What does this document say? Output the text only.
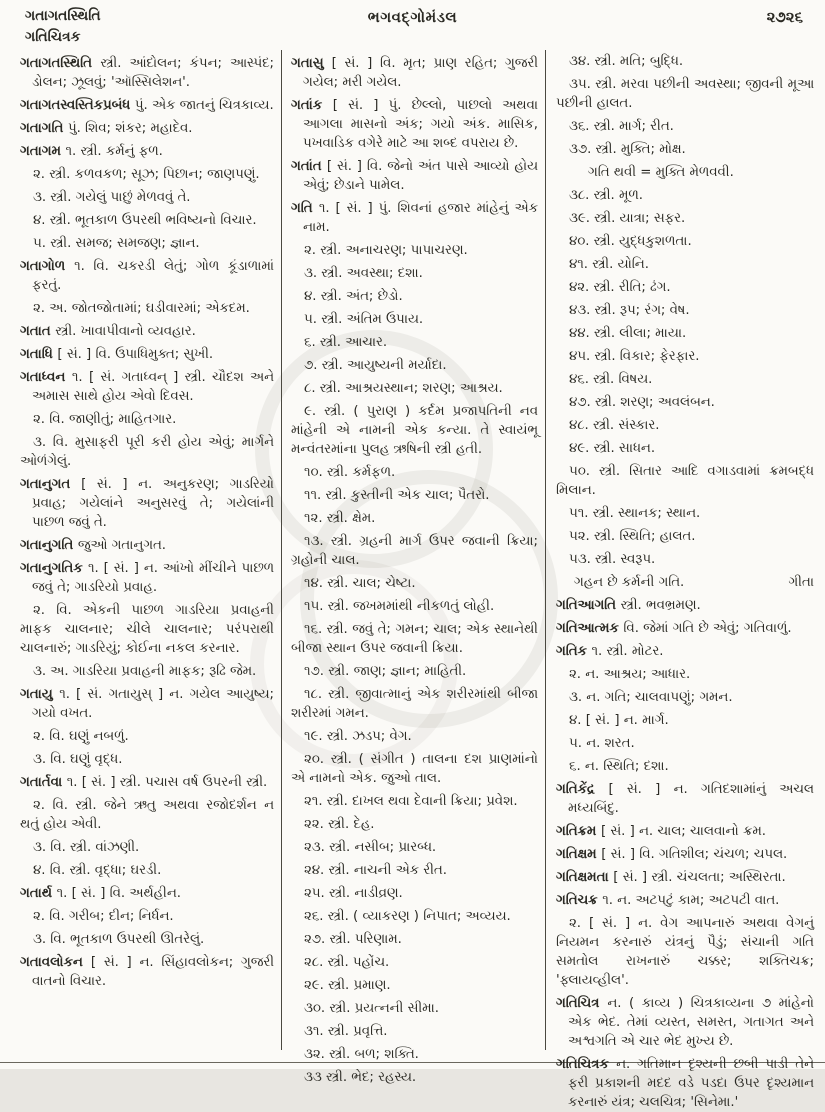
ગતાગતસ્થિતિ	ભગવદ્ગોમંડલ	૨૭૨૬
ગતિચિત્રક

ગતાગતસ્થિતિ સ્ત્રી. આંદોલન; કંપન; આસ્પંદ; ડોલન; ઝૂલવું; 'ઑસ્સિલેશન'.

ગતાગતસ્વસ્તિકપ્રબંધ પું. એક જાતનું ચિત્રકાવ્ય.

ગતાગતિ પું. શિવ; શંકર; મહાદેવ.

ગતાગમ ૧. સ્ત્રી. કર્મનું ફળ.

૨. સ્ત્રી. કળવકળ; સૂઝ; પિછાન; જાણપણું.

૩. સ્ત્રી. ગયેલું પાછું મેળવવું તે.

૪. સ્ત્રી. ભૂતકાળ ઉપરથી ભવિષ્યનો વિચાર.

૫. સ્ત્રી. સમજ; સમજણ; જ્ઞાન.

ગતાગોળ ૧. વિ. ચકરડી લેતું; ગોળ કૂંડાળામાં ફરતું.

૨. અ. જોતજોતામાં; ઘડીવારમાં; એકદમ.

ગતાત સ્ત્રી. ખાવાપીવાનો વ્યવહાર.

ગતાધિ [ સં. ] વિ. ઉપાધિમુક્ત; સુખી.

ગતાધ્વન ૧. [ સં. ગતાધ્વન્ ] સ્ત્રી. ચૌદશ અને અમાસ સાથે હોય એવો દિવસ.

૨. વિ. જાણીતું; માહિતગાર.

૩. વિ. મુસાફરી પૂરી કરી હોય એવું; માર્ગને ઓળંગેલું.

ગતાનુગત [ સં. ] ન. અનુકરણ; ગાડરિયો પ્રવાહ; ગયેલાંને અનુસરવું તે; ગયેલાંની પાછળ જવું તે.

ગતાનુગતિ જુઓ ગતાનુગત.

ગતાનુગતિક ૧. [ સં. ] ન. આંખો મીંચીને પાછળ જવું તે; ગાડરિયો પ્રવાહ.

૨. વિ. એકની પાછળ ગાડરિયા પ્રવાહની માફક ચાલનાર; ચીલે ચાલનાર; પરંપરાથી ચાલનારું; ગાડરિયું; કોઈના નકલ કરનાર.

૩. અ. ગાડરિયા પ્રવાહની માફક; રૂઢિ જેમ.

ગતાયુ ૧. [ સં. ગતાયુસ્ ] ન. ગયેલ આયુષ્ય; ગયો વખત.

૨. વિ. ઘણું નબળું.

૩. વિ. ઘણું વૃદ્ધ.

ગતાર્તવા ૧. [ સં. ] સ્ત્રી. પચાસ વર્ષ ઉપરની સ્ત્રી.

૨. વિ. સ્ત્રી. જેને ઋતુ અથવા રજોદર્શન ન થતું હોય એવી.

૩. વિ. સ્ત્રી. વાંઝણી.

૪. વિ. સ્ત્રી. વૃદ્ધા; ઘરડી.

ગતાર્થ ૧. [ સં. ] વિ. અર્થહીન.

૨. વિ. ગરીબ; દીન; નિર્ધન.

૩. વિ. ભૂતકાળ ઉપરથી ઊતરેલું.

ગતાવલોકન [ સં. ] ન. સિંહાવલોકન; ગુજરી વાતનો વિચાર.

ગતાસુ [ સં. ] વિ. મૃત; પ્રાણ રહિત; ગુજરી ગયેલ; મરી ગયેલ.

ગતાંક [ સં. ] પું. છેલ્લો, પાછલો અથવા આગલા માસનો અંક; ગયો અંક. માસિક, પખવાડિક વગેરે માટે આ શબ્દ વપરાય છે.

ગતાંત [ સં. ] વિ. જેનો અંત પાસે આવ્યો હોય એવું; છેડાને પામેલ.

ગતિ ૧. [ સં. ] પું. શિવનાં હજાર માંહેનું એક નામ.

૨. સ્ત્રી. અનાચરણ; પાપાચરણ.

૩. સ્ત્રી. અવસ્થા; દશા.

૪. સ્ત્રી. અંત; છેડો.

૫. સ્ત્રી. અંતિમ ઉપાય.

૬. સ્ત્રી. આચાર.

૭. સ્ત્રી. આયુષ્યની મર્યાદા.

૮. સ્ત્રી. આશ્રયસ્થાન; શરણ; આશ્રય.

૯. સ્ત્રી. ( પુરાણ ) કર્દમ પ્રજાપતિની નવ માંહેની એ નામની એક કન્યા. તે સ્વાયંભૂ મન્વંતરમાંના પુલહ ઋષિની સ્ત્રી હતી.

૧૦. સ્ત્રી. કર્મફળ.

૧૧. સ્ત્રી. કુસ્તીની એક ચાલ; પૈતરો.

૧૨. સ્ત્રી. ક્ષેમ.

૧૩. સ્ત્રી. ગ્રહની માર્ગ ઉપર જવાની ક્રિયા; ગ્રહોની ચાલ.

૧૪. સ્ત્રી. ચાલ; ચેષ્ટા.

૧૫. સ્ત્રી. જખમમાંથી નીકળતું લોહી.

૧૬. સ્ત્રી. જવું તે; ગમન; ચાલ; એક સ્થાનેથી બીજા સ્થાન ઉપર જવાની ક્રિયા.

૧૭. સ્ત્રી. જાણ; જ્ઞાન; માહિતી.

૧૮. સ્ત્રી. જીવાત્માનું એક શરીરમાંથી બીજા શરીરમાં ગમન.

૧૯. સ્ત્રી. ઝડપ; વેગ.

૨૦. સ્ત્રી. ( સંગીત ) તાલના દશ પ્રાણમાંનો એ નામનો એક. જુઓ તાલ.

૨૧. સ્ત્રી. દાખલ થવા દેવાની ક્રિયા; પ્રવેશ.

૨૨. સ્ત્રી. દેહ.

૨૩. સ્ત્રી. નસીબ; પ્રારબ્ધ.

૨૪. સ્ત્રી. નાચની એક રીત.

૨૫. સ્ત્રી. નાડીવ્રણ.

૨૬. સ્ત્રી. ( વ્યાકરણ ) નિપાત; અવ્યય.

૨૭. સ્ત્રી. પરિણામ.

૨૮. સ્ત્રી. પહોંચ.

૨૯. સ્ત્રી. પ્રમાણ.

૩૦. સ્ત્રી. પ્રયત્નની સીમા.

૩૧. સ્ત્રી. પ્રવૃત્તિ.

૩૨. સ્ત્રી. બળ; શક્તિ.

૩૩ સ્ત્રી. ભેદ; રહસ્ય.

૩૪. સ્ત્રી. મતિ; બુદ્ધિ.

૩૫. સ્ત્રી. મરવા પછીની અવસ્થા; જીવની મૂઆ પછીની હાલત.

૩૬. સ્ત્રી. માર્ગ; રીત.

૩૭. સ્ત્રી. મુક્તિ; મોક્ષ.

ગતિ થવી = મુક્તિ મેળવવી.

૩૮. સ્ત્રી. મૂળ.

૩૯. સ્ત્રી. યાત્રા; સફર.

૪૦. સ્ત્રી. યુદ્ધકુશળતા.

૪૧. સ્ત્રી. યોનિ.

૪૨. સ્ત્રી. રીતિ; ઢંગ.

૪૩. સ્ત્રી. રૂપ; રંગ; વેષ.

૪૪. સ્ત્રી. લીલા; માયા.

૪૫. સ્ત્રી. વિકાર; ફેરફાર.

૪૬. સ્ત્રી. વિષય.

૪૭. સ્ત્રી. શરણ; અવલંબન.

૪૮. સ્ત્રી. સંસ્કાર.

૪૯. સ્ત્રી. સાધન.

૫૦. સ્ત્રી. સિતાર આદિ વગાડવામાં ક્રમબદ્ધ મિલાન.

૫૧. સ્ત્રી. સ્થાનક; સ્થાન.

૫૨. સ્ત્રી. સ્થિતિ; હાલત.

૫૩. સ્ત્રી. સ્વરૂપ.

ગહન છે કર્મની ગતિ.	ગીતા

ગતિઆગતિ સ્ત્રી. ભવભ્રમણ.

ગતિઆત્મક વિ. જેમાં ગતિ છે એવું; ગતિવાળું.

ગતિક ૧. સ્ત્રી. મોટર.

૨. ન. આશ્રય; આધાર.

૩. ન. ગતિ; ચાલવાપણું; ગમન.

૪. [ સં. ] ન. માર્ગ.

૫. ન. શરત.

૬. ન. સ્થિતિ; દશા.

ગતિકેંદ્ર [ સં. ] ન. ગતિદશામાંનું અચલ મધ્યબિંદુ.

ગતિક્રમ [ સં. ] ન. ચાલ; ચાલવાનો ક્રમ.

ગતિક્ષમ [ સં. ] વિ. ગતિશીલ; ચંચળ; ચપલ.

ગતિક્ષમતા [ સં. ] સ્ત્રી. ચંચલતા; અસ્થિરતા.

ગતિચક્ર ૧. ન. અટપટું કામ; અટપટી વાત.

૨. [ સં. ] ન. વેગ આપનારું અથવા વેગનું નિયમન કરનારું યંત્રનું પૈડું; સંચાની ગતિ સમતોલ રાખનારું ચક્કર; શક્તિચક્ર; 'ફ્લાયવ્હીલ'.

ગતિચિત્ર ન. ( કાવ્ય ) ચિત્રકાવ્યના ૭ માંહેનો એક ભેદ. તેમાં વ્યસ્ત, સમસ્ત, ગતાગત અને અશ્વગતિ એ ચાર ભેદ મુખ્ય છે.

ગતિચિત્રક ન. ગતિમાન દૃશ્યની છબી પાડી તેને ફરી પ્રકાશની મદદ વડે પડદા ઉપર દૃશ્યમાન કરનારું યંત્ર; ચલચિત્ર; 'સિનેમા.'
